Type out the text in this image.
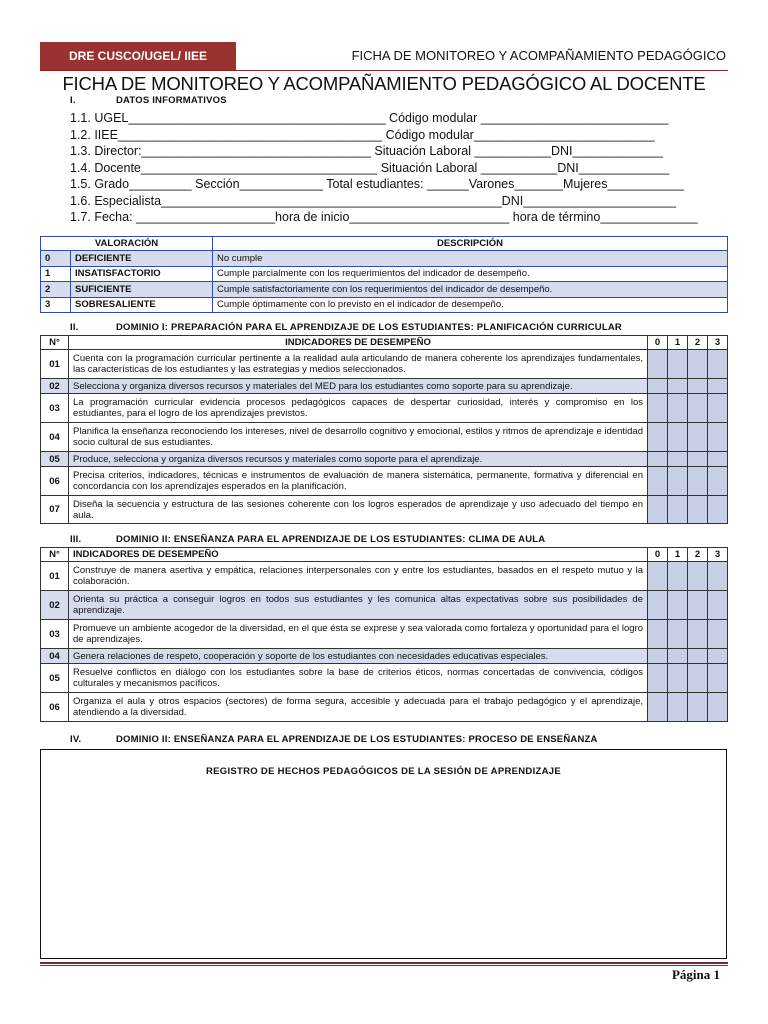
DRE CUSCO/UGEL/ IIEE	FICHA DE MONITOREO Y ACOMPAÑAMIENTO PEDAGÓGICO
FICHA DE MONITOREO Y ACOMPAÑAMIENTO PEDAGÓGICO AL DOCENTE
I.	DATOS INFORMATIVOS
1.1. UGEL_____________________________________ Código modular ___________________________
1.2. IIEE______________________________________ Código modular__________________________
1.3. Director:_________________________________ Situación Laboral ___________DNI_____________
1.4. Docente__________________________________ Situación Laboral ___________DNI_____________
1.5. Grado_________ Sección____________ Total estudiantes: ______Varones_______Mujeres___________
1.6. Especialista_________________________________________________DNI______________________
1.7. Fecha: ____________________hora de inicio_______________________ hora de término______________
VALORACIÓN		DESCRIPCIÓN
0	DEFICIENTE	No cumple
1	INSATISFACTORIO	Cumple parcialmente con los requerimientos del indicador de desempeño.
2	SUFICIENTE	Cumple satisfactoriamente con los requerimientos del indicador de desempeño.
3	SOBRESALIENTE	Cumple óptimamente con lo previsto en el indicador de desempeño.
II.	DOMINIO I: PREPARACIÓN PARA EL APRENDIZAJE DE LOS ESTUDIANTES: PLANIFICACIÓN CURRICULAR
N°	INDICADORES DE DESEMPEÑO	0	1	2	3
01	Cuenta con la programación curricular pertinente a la realidad aula articulando de manera coherente los aprendizajes fundamentales, las características de los estudiantes y las estrategias y medios seleccionados.				
02	Selecciona y organiza diversos recursos y materiales del MED para los estudiantes como soporte para su aprendizaje.				
03	La programación curricular evidencia procesos pedagógicos capaces de despertar curiosidad, interés y compromiso en los estudiantes, para el logro de los aprendizajes previstos.				
04	Planifica la enseñanza reconociendo los intereses, nivel de desarrollo cognitivo y emocional, estilos y ritmos de aprendizaje e identidad socio cultural de sus estudiantes.				
05	Produce, selecciona y organiza diversos recursos y materiales como soporte para el aprendizaje.				
06	Precisa criterios, indicadores, técnicas e instrumentos de evaluación de manera sistemática, permanente, formativa y diferencial en concordancia con los aprendizajes esperados en la planificación.				
07	Diseña la secuencia y estructura de las sesiones coherente con los logros esperados de aprendizaje y uso adecuado del tiempo en aula.				
III.	DOMINIO II: ENSEÑANZA PARA EL APRENDIZAJE DE LOS ESTUDIANTES: CLIMA DE AULA
N°	INDICADORES DE DESEMPEÑO	0	1	2	3
01	Construye de manera asertiva y empática, relaciones interpersonales con y entre los estudiantes, basados en el respeto mutuo y la colaboración.				
02	Orienta su práctica a conseguir logros en todos sus estudiantes y les comunica altas expectativas sobre sus posibilidades de aprendizaje.				
03	Promueve un ambiente acogedor de la diversidad, en el que ésta se exprese y sea valorada como fortaleza y oportunidad para el logro de aprendizajes.				
04	Genera relaciones de respeto, cooperación y soporte de los estudiantes con necesidades educativas especiales.				
05	Resuelve conflictos en diálogo con los estudiantes sobre la base de criterios éticos, normas concertadas de convivencia, códigos culturales y mecanismos pacíficos.				
06	Organiza el aula y otros espacios (sectores) de forma segura, accesible y adecuada para el trabajo pedagógico y el aprendizaje, atendiendo a la diversidad.				
IV.	DOMINIO II: ENSEÑANZA PARA EL APRENDIZAJE DE LOS ESTUDIANTES: PROCESO DE ENSEÑANZA
REGISTRO DE HECHOS PEDAGÓGICOS DE LA SESIÓN DE APRENDIZAJE
Página 1
